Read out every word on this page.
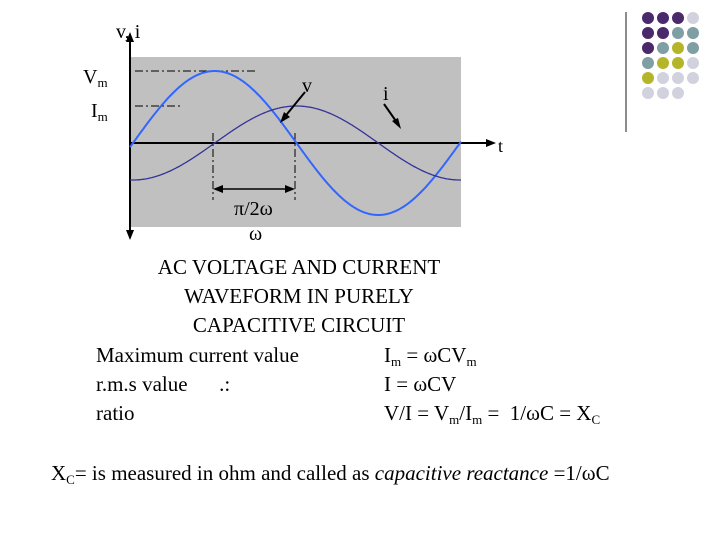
v, i
$V_m$
$I_m$
v	i
t
π/2ω
ω
AC VOLTAGE AND CURRENT
WAVEFORM IN PURELY
CAPACITIVE CIRCUIT
Maximum current value	$I_m = \omega CV_m$
r.m.s value      .:	I = ωCV
ratio	$V/I = V_m/I_m = 1/\omega C = X_C$
$X_C=$ is measured in ohm and called as capacitive reactance =1/ωC
